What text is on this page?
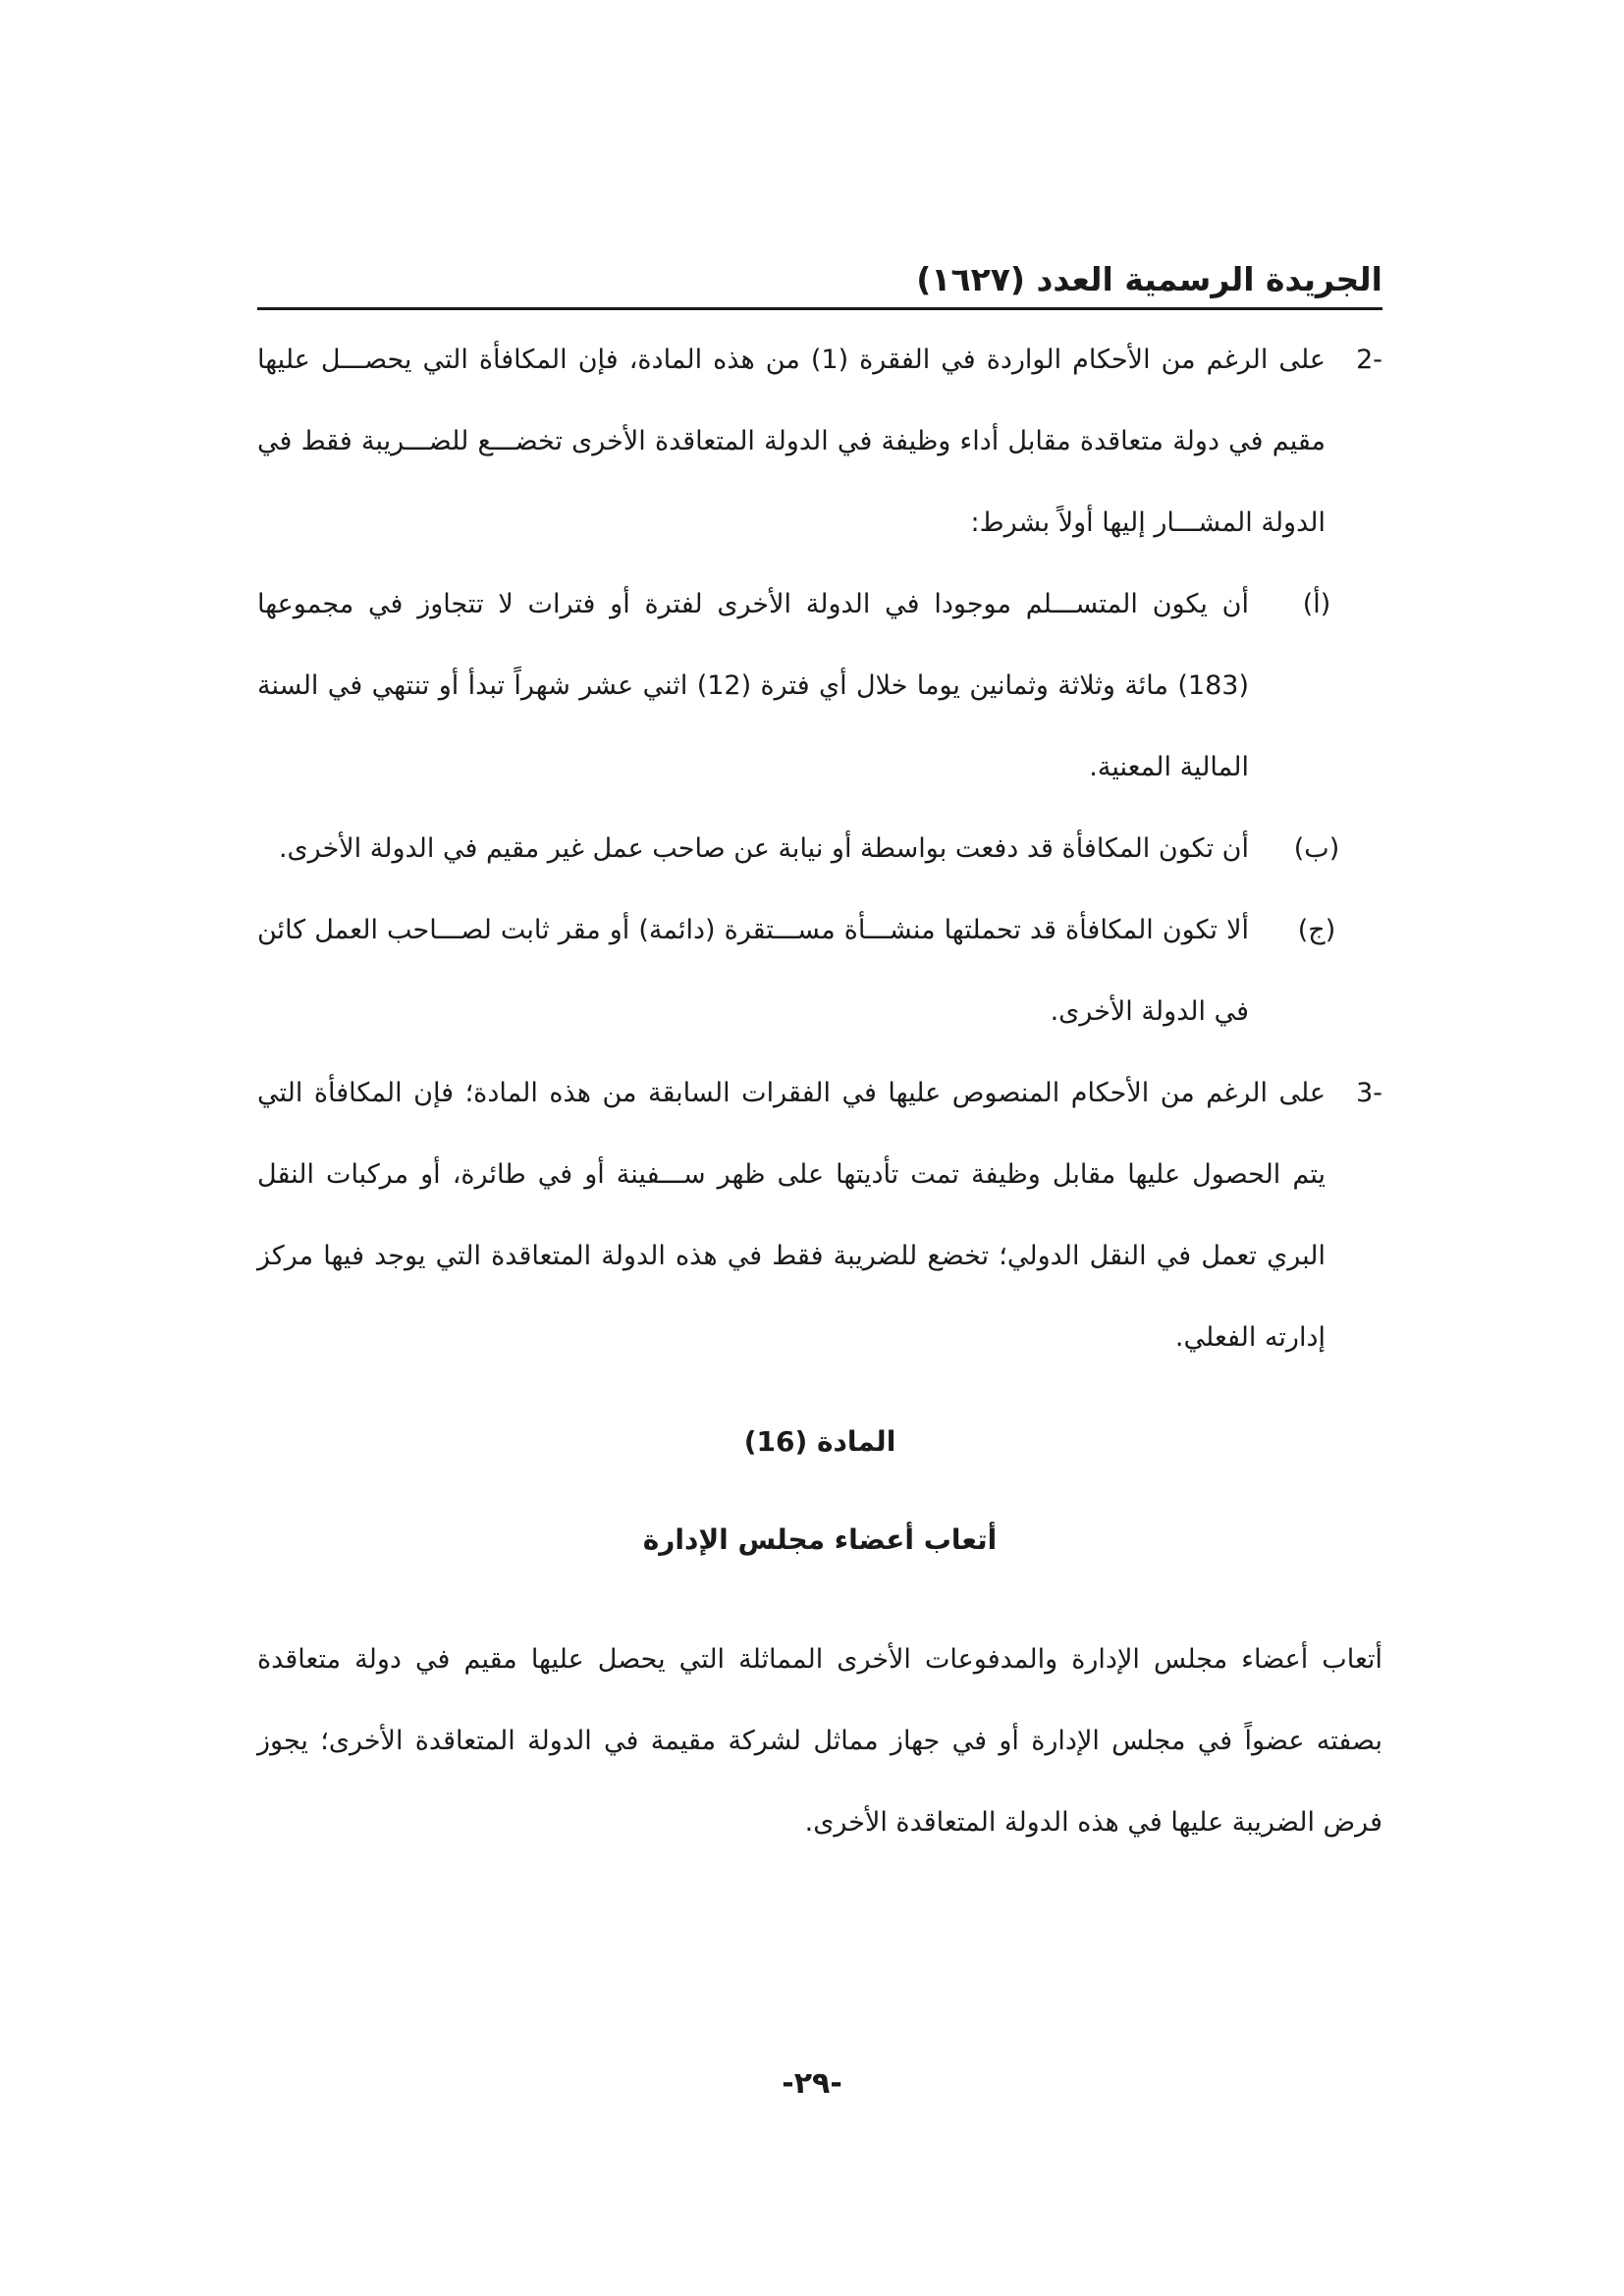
الجريدة الرسمية العدد (١٦٢٧)

-2
على الرغم من الأحكام الواردة في الفقرة (1) من هذه المادة، فإن المكافأة التي يحصـــل عليها مقيم في دولة متعاقدة مقابل أداء وظيفة في الدولة المتعاقدة الأخرى تخضـــع للضـــريبة فقط في الدولة المشـــار إليها أولاً بشرط:

(أ)
أن يكون المتســـلم موجودا في الدولة الأخرى لفترة أو فترات لا تتجاوز في مجموعها (183) مائة وثلاثة وثمانين يوما خلال أي فترة (12) اثني عشر شهراً تبدأ أو تنتهي في السنة المالية المعنية.

(ب)
أن تكون المكافأة قد دفعت بواسطة أو نيابة عن صاحب عمل غير مقيم في الدولة الأخرى.

(ج)
ألا تكون المكافأة قد تحملتها منشـــأة مســـتقرة (دائمة) أو مقر ثابت لصـــاحب العمل كائن في الدولة الأخرى.

-3
على الرغم من الأحكام المنصوص عليها في الفقرات السابقة من هذه المادة؛ فإن المكافأة التي يتم الحصول عليها مقابل وظيفة تمت تأديتها على ظهر ســـفينة أو في طائرة، أو مركبات النقل البري تعمل في النقل الدولي؛ تخضع للضريبة فقط في هذه الدولة المتعاقدة التي يوجد فيها مركز إدارته الفعلي.

المادة (16)
أتعاب أعضاء مجلس الإدارة

أتعاب أعضاء مجلس الإدارة والمدفوعات الأخرى المماثلة التي يحصل عليها مقيم في دولة متعاقدة بصفته عضواً في مجلس الإدارة أو في جهاز مماثل لشركة مقيمة في الدولة المتعاقدة الأخرى؛ يجوز فرض الضريبة عليها في هذه الدولة المتعاقدة الأخرى.

-٢٩-
